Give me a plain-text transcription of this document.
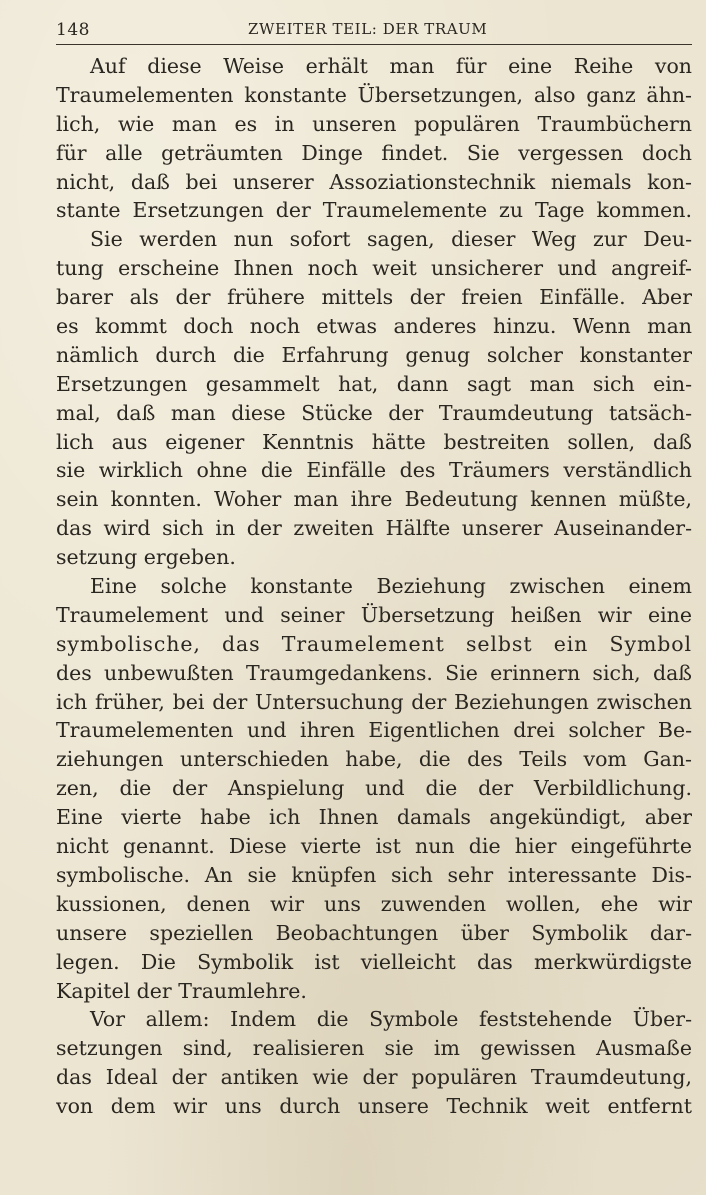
148	ZWEITER TEIL: DER TRAUM
Auf diese Weise erhält man für eine Reihe von
Traumelementen konstante Übersetzungen, also ganz ähn-
lich, wie man es in unseren populären Traumbüchern
für alle geträumten Dinge findet. Sie vergessen doch
nicht, daß bei unserer Assoziationstechnik niemals kon-
stante Ersetzungen der Traumelemente zu Tage kommen.
Sie werden nun sofort sagen, dieser Weg zur Deu-
tung erscheine Ihnen noch weit unsicherer und angreif-
barer als der frühere mittels der freien Einfälle. Aber
es kommt doch noch etwas anderes hinzu. Wenn man
nämlich durch die Erfahrung genug solcher konstanter
Ersetzungen gesammelt hat, dann sagt man sich ein-
mal, daß man diese Stücke der Traumdeutung tatsäch-
lich aus eigener Kenntnis hätte bestreiten sollen, daß
sie wirklich ohne die Einfälle des Träumers verständlich
sein konnten. Woher man ihre Bedeutung kennen müßte,
das wird sich in der zweiten Hälfte unserer Auseinander-
setzung ergeben.
Eine solche konstante Beziehung zwischen einem
Traumelement und seiner Übersetzung heißen wir eine
symbolische, das Traumelement selbst ein Symbol
des unbewußten Traumgedankens. Sie erinnern sich, daß
ich früher, bei der Untersuchung der Beziehungen zwischen
Traumelementen und ihren Eigentlichen drei solcher Be-
ziehungen unterschieden habe, die des Teils vom Gan-
zen, die der Anspielung und die der Verbildlichung.
Eine vierte habe ich Ihnen damals angekündigt, aber
nicht genannt. Diese vierte ist nun die hier eingeführte
symbolische. An sie knüpfen sich sehr interessante Dis-
kussionen, denen wir uns zuwenden wollen, ehe wir
unsere speziellen Beobachtungen über Symbolik dar-
legen. Die Symbolik ist vielleicht das merkwürdigste
Kapitel der Traumlehre.
Vor allem: Indem die Symbole feststehende Über-
setzungen sind, realisieren sie im gewissen Ausmaße
das Ideal der antiken wie der populären Traumdeutung,
von dem wir uns durch unsere Technik weit entfernt
